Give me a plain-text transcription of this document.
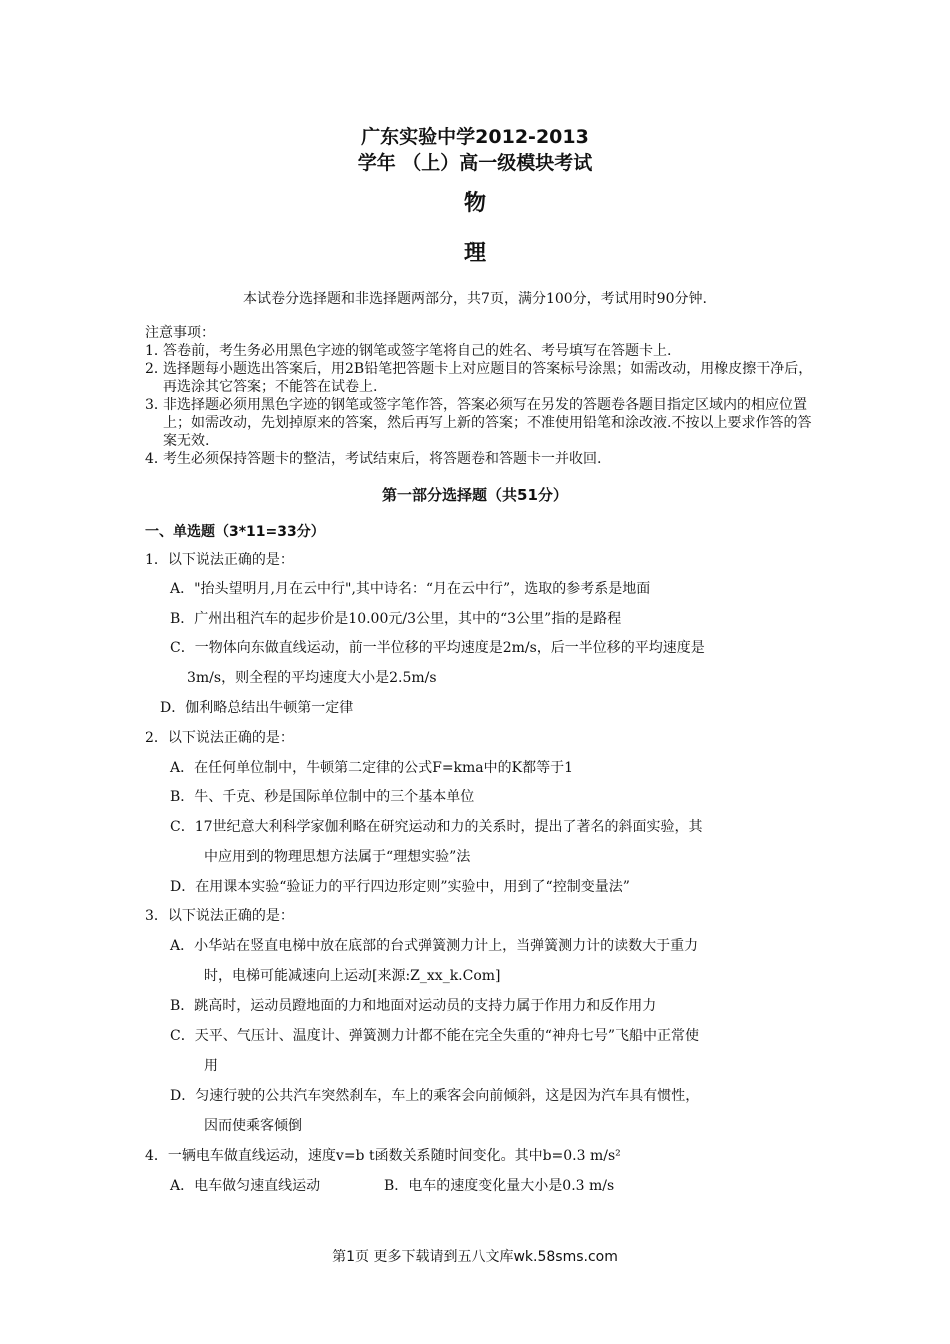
广东实验中学2012-2013
学年 （上）高一级模块考试
物
理
本试卷分选择题和非选择题两部分，共7页，满分100分，考试用时90分钟.
注意事项：
1．
答卷前，考生务必用黑色字迹的钢笔或签字笔将自己的姓名、考号填写在答题卡上.
2．
选择题每小题选出答案后，用2B铅笔把答题卡上对应题目的答案标号涂黑；如需改动，用橡皮擦干净后，再选涂其它答案；不能答在试卷上.
3．
非选择题必须用黑色字迹的钢笔或签字笔作答，答案必须写在另发的答题卷各题目指定区域内的相应位置上；如需改动，先划掉原来的答案，然后再写上新的答案；不准使用铅笔和涂改液.不按以上要求作答的答案无效.
4．
考生必须保持答题卡的整洁，考试结束后，将答题卷和答题卡一并收回.
第一部分选择题（共51分）
一、单选题（3*11=33分）
1．以下说法正确的是：
A．"抬头望明月,月在云中行",其中诗名：“月在云中行”，选取的参考系是地面
B．广州出租汽车的起步价是10.00元/3公里，其中的“3公里”指的是路程
C．一物体向东做直线运动，前一半位移的平均速度是2m/s，后一半位移的平均速度是
3m/s，则全程的平均速度大小是2.5m/s
D．伽利略总结出牛顿第一定律
2．以下说法正确的是：
A．在任何单位制中，牛顿第二定律的公式F=kma中的K都等于1
B．牛、千克、秒是国际单位制中的三个基本单位
C．17世纪意大利科学家伽利略在研究运动和力的关系时，提出了著名的斜面实验，其
中应用到的物理思想方法属于“理想实验”法
D．在用课本实验“验证力的平行四边形定则”实验中，用到了“控制变量法”
3．以下说法正确的是：
A．小华站在竖直电梯中放在底部的台式弹簧测力计上，当弹簧测力计的读数大于重力
时，电梯可能减速向上运动[来源:Z_xx_k.Com]
B．跳高时，运动员蹬地面的力和地面对运动员的支持力属于作用力和反作用力
C．天平、气压计、温度计、弹簧测力计都不能在完全失重的“神舟七号”飞船中正常使
用
D．匀速行驶的公共汽车突然刹车，车上的乘客会向前倾斜，这是因为汽车具有惯性，
因而使乘客倾倒
4．一辆电车做直线运动，速度v=b t函数关系随时间变化。其中b=0.3 m/s²
A．电车做匀速直线运动	B．电车的速度变化量大小是0.3 m/s
第1页 更多下载请到五八文库wk.58sms.com
